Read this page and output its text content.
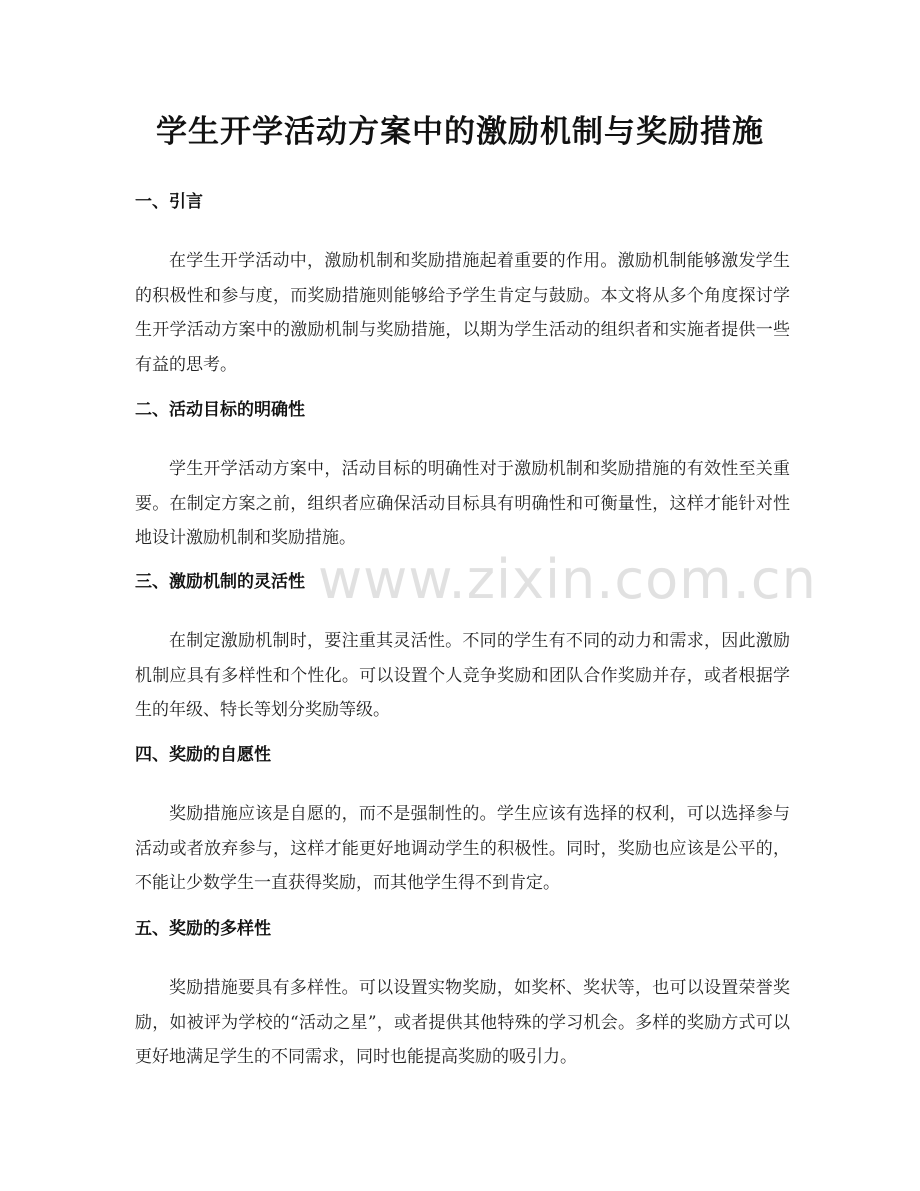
学生开学活动方案中的激励机制与奖励措施
www.zixin.com.cn
一、引言
在学生开学活动中，激励机制和奖励措施起着重要的作用。激励机制能够激发学生的积极性和参与度，而奖励措施则能够给予学生肯定与鼓励。本文将从多个角度探讨学生开学活动方案中的激励机制与奖励措施，以期为学生活动的组织者和实施者提供一些有益的思考。
二、活动目标的明确性
学生开学活动方案中，活动目标的明确性对于激励机制和奖励措施的有效性至关重要。在制定方案之前，组织者应确保活动目标具有明确性和可衡量性，这样才能针对性地设计激励机制和奖励措施。
三、激励机制的灵活性
在制定激励机制时，要注重其灵活性。不同的学生有不同的动力和需求，因此激励机制应具有多样性和个性化。可以设置个人竞争奖励和团队合作奖励并存，或者根据学生的年级、特长等划分奖励等级。
四、奖励的自愿性
奖励措施应该是自愿的，而不是强制性的。学生应该有选择的权利，可以选择参与活动或者放弃参与，这样才能更好地调动学生的积极性。同时，奖励也应该是公平的，不能让少数学生一直获得奖励，而其他学生得不到肯定。
五、奖励的多样性
奖励措施要具有多样性。可以设置实物奖励，如奖杯、奖状等，也可以设置荣誉奖励，如被评为学校的“活动之星”，或者提供其他特殊的学习机会。多样的奖励方式可以更好地满足学生的不同需求，同时也能提高奖励的吸引力。
